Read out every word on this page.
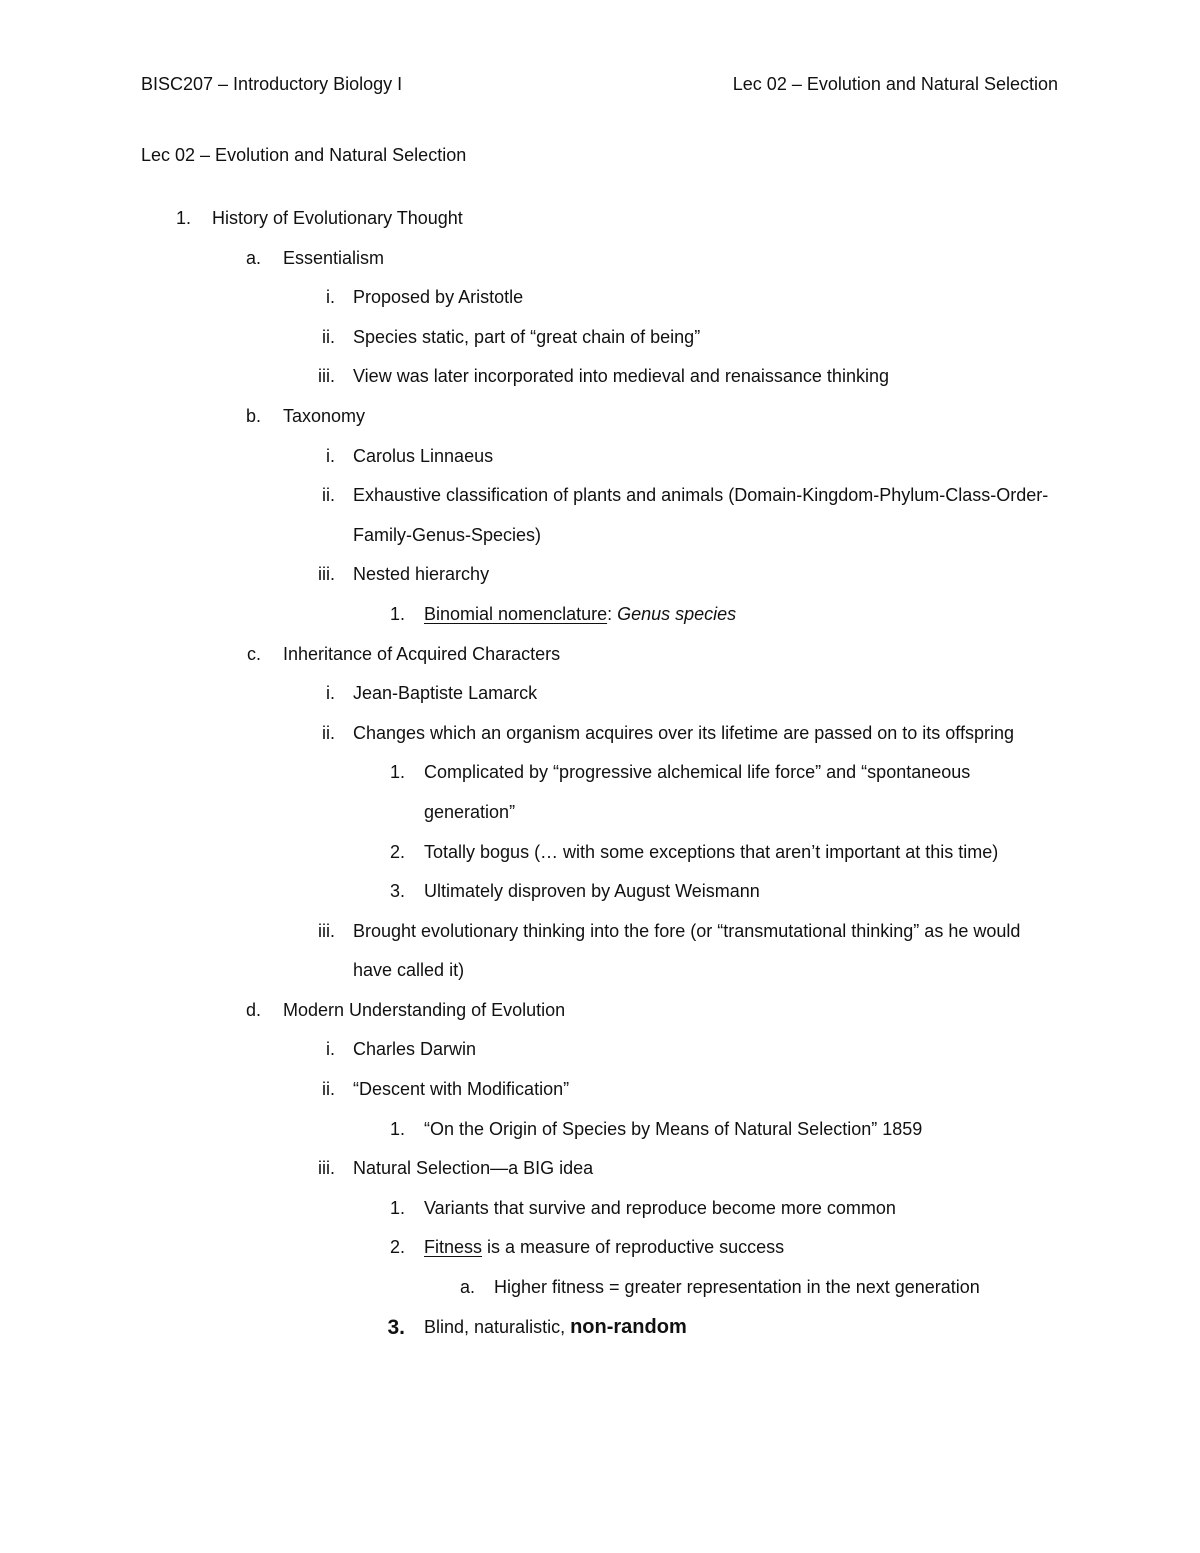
BISC207 – Introductory Biology I	Lec 02 – Evolution and Natural Selection
Lec 02 – Evolution and Natural Selection
1. History of Evolutionary Thought
a. Essentialism
i. Proposed by Aristotle
ii. Species static, part of “great chain of being”
iii. View was later incorporated into medieval and renaissance thinking
b. Taxonomy
i. Carolus Linnaeus
ii. Exhaustive classification of plants and animals (Domain-Kingdom-Phylum-Class-Order-Family-Genus-Species)
iii. Nested hierarchy
1. Binomial nomenclature: Genus species
c. Inheritance of Acquired Characters
i. Jean-Baptiste Lamarck
ii. Changes which an organism acquires over its lifetime are passed on to its offspring
1. Complicated by “progressive alchemical life force” and “spontaneous generation”
2. Totally bogus (… with some exceptions that aren’t important at this time)
3. Ultimately disproven by August Weismann
iii. Brought evolutionary thinking into the fore (or “transmutational thinking” as he would have called it)
d. Modern Understanding of Evolution
i. Charles Darwin
ii. “Descent with Modification”
1. “On the Origin of Species by Means of Natural Selection” 1859
iii. Natural Selection—a BIG idea
1. Variants that survive and reproduce become more common
2. Fitness is a measure of reproductive success
a. Higher fitness = greater representation in the next generation
3. Blind, naturalistic, non-random
